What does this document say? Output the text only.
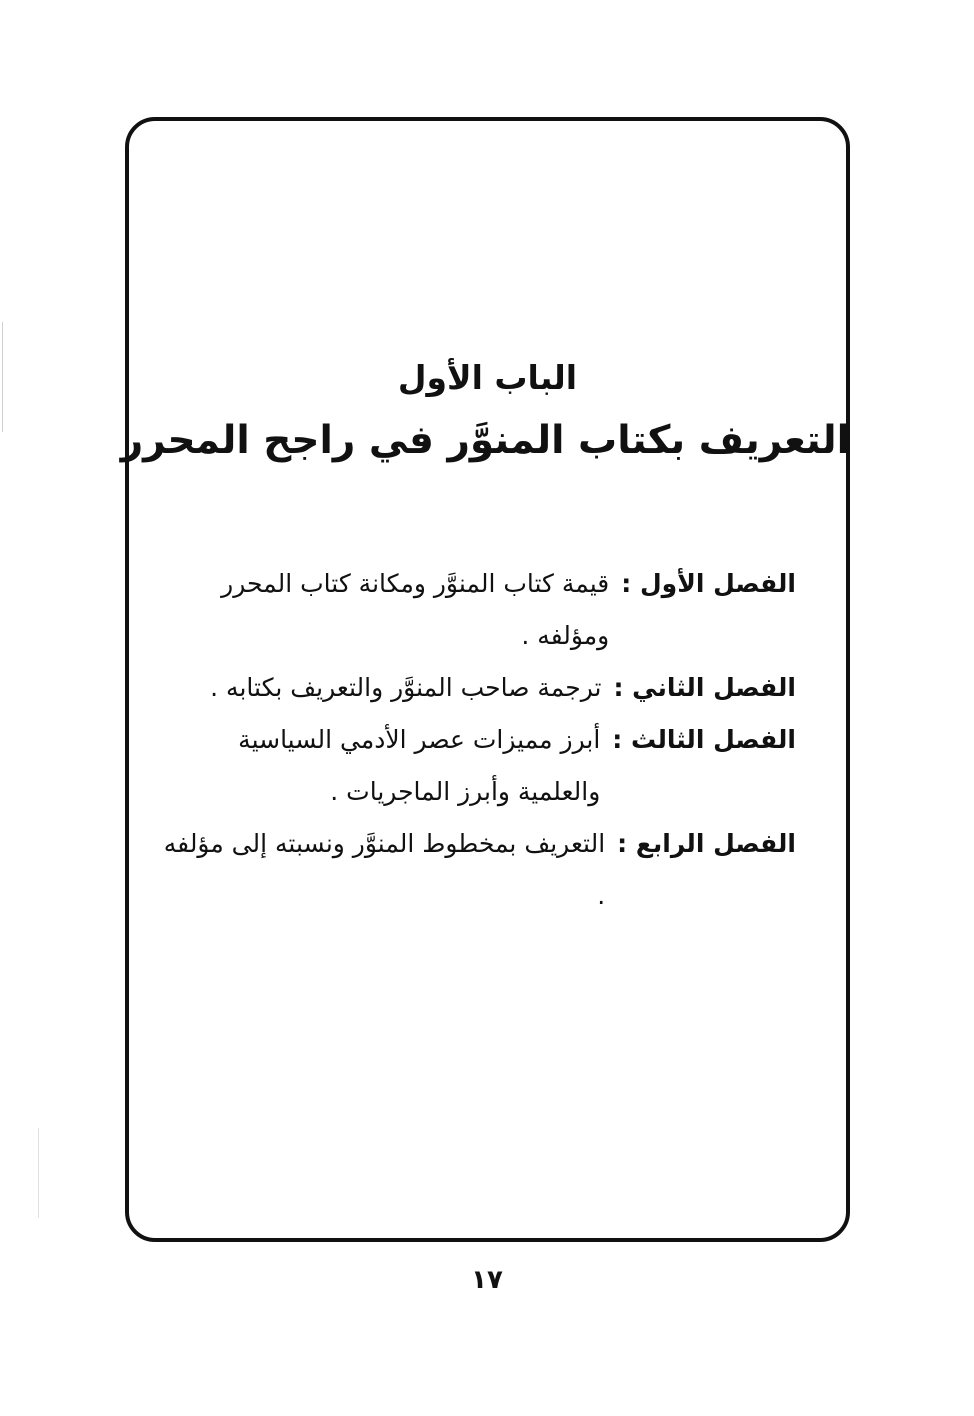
الباب الأول
التعريف بكتاب المنوَّر في راجح المحرر
الفصل الأول :
قيمة كتاب المنوَّر ومكانة كتاب المحرر ومؤلفه .
الفصل الثاني :
ترجمة صاحب المنوَّر والتعريف بكتابه .
الفصل الثالث :
أبرز مميزات عصر الأدمي السياسية والعلمية وأبرز الماجريات .
الفصل الرابع :
التعريف بمخطوط المنوَّر ونسبته إلى مؤلفه .
١٧
